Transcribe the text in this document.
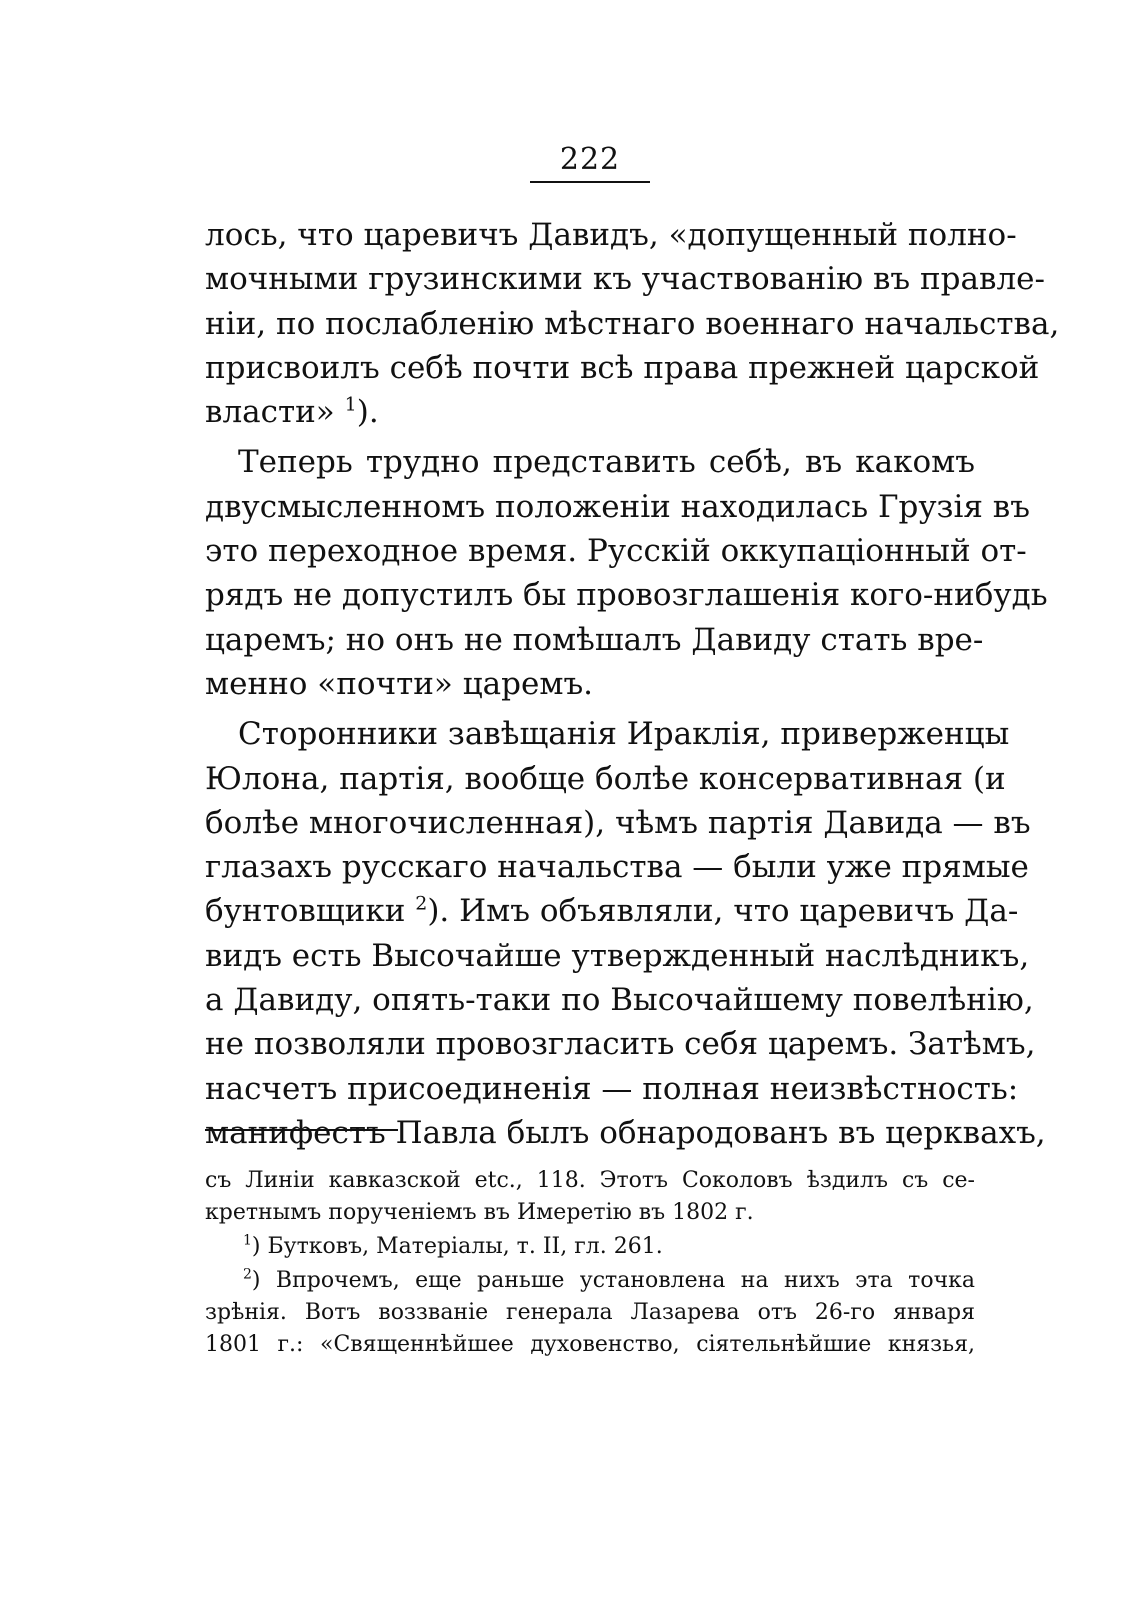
222
лось, что царевичъ Давидъ, «допущенный полно-
мочными грузинскими къ участвованiю въ правле-
нiи, по послабленiю мѣстнаго военнаго начальства,
присвоилъ себѣ почти всѣ права прежней царской
власти» $^1$).
Теперь трудно представить себѣ, въ какомъ
двусмысленномъ положенiи находилась Грузiя въ
это переходное время. Русскiй оккупацiонный от-
рядъ не допустилъ бы провозглашенiя кого-нибудь
царемъ; но онъ не помѣшалъ Давиду стать вре-
менно «почти» царемъ.
Сторонники завѣщанiя Ираклiя, приверженцы
Юлона, партiя, вообще болѣе консервативная (и
болѣе многочисленная), чѣмъ партiя Давида — въ
глазахъ русскаго начальства — были уже прямые
бунтовщики $^2$). Имъ объявляли, что царевичъ Да-
видъ есть Высочайше утвержденный наслѣдникъ,
а Давиду, опять-таки по Высочайшему повелѣнiю,
не позволяли провозгласить себя царемъ. Затѣмъ,
насчетъ присоединенiя — полная неизвѣстность:
манифестъ Павла былъ обнародованъ въ церквахъ,
съ Линiи кавказской etc., 118. Этотъ Соколовъ ѣздилъ съ се-
кретнымъ порученiемъ въ Имеретiю въ 1802 г.
$^1$) Бутковъ, Матерiалы, т. II, гл. 261.
$^2$) Впрочемъ, еще раньше установлена на нихъ эта точка
зрѣнiя. Вотъ воззванiе генерала Лазарева отъ 26-го января
1801 г.: «Священнѣйшее духовенство, сiятельнѣйшие князья,
